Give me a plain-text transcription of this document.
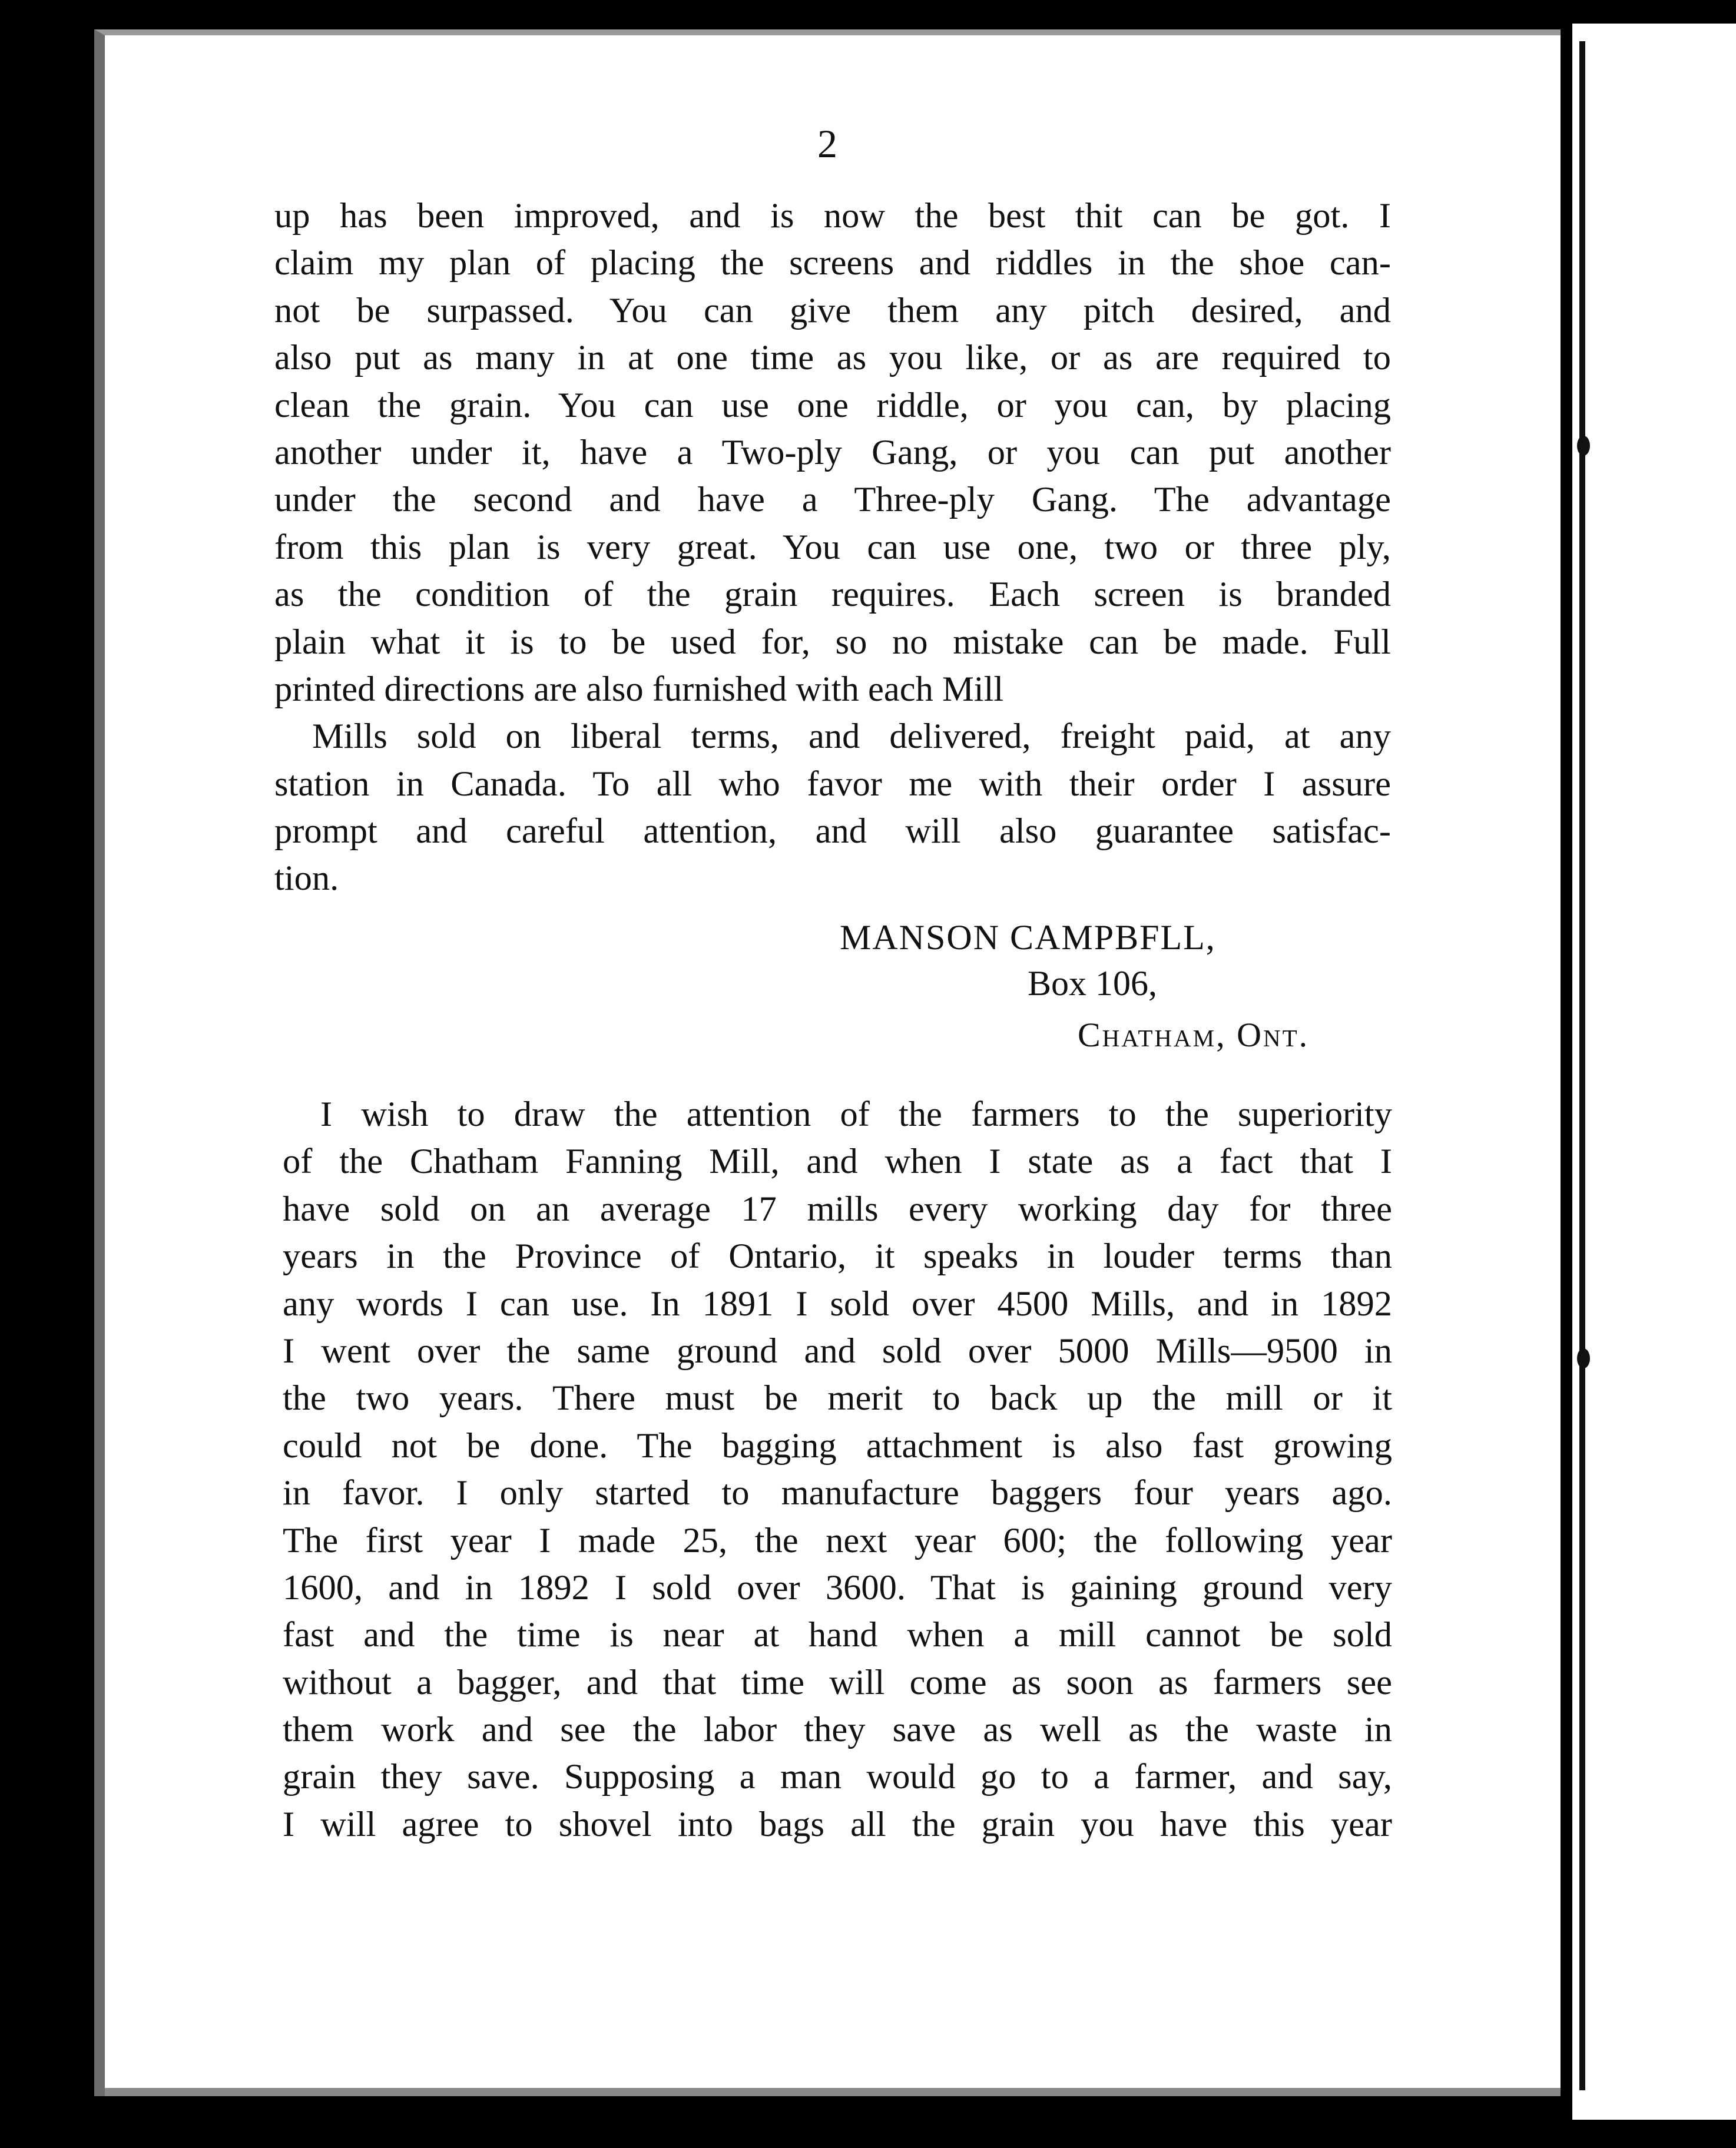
2
up has been improved, and is now the best thit can be got. I
claim my plan of placing the screens and riddles in the shoe can-
not be surpassed. You can give them any pitch desired, and
also put as many in at one time as you like, or as are required to
clean the grain. You can use one riddle, or you can, by placing
another under it, have a Two-ply Gang, or you can put another
under the second and have a Three-ply Gang. The advantage
from this plan is very great. You can use one, two or three ply,
as the condition of the grain requires. Each screen is branded
plain what it is to be used for, so no mistake can be made. Full
printed directions are also furnished with each Mill
Mills sold on liberal terms, and delivered, freight paid, at any
station in Canada. To all who favor me with their order I assure
prompt and careful attention, and will also guarantee satisfac-
tion.
MANSON CAMPBFLL,
Box 106,
Chatham, Ont.
I wish to draw the attention of the farmers to the superiority
of the Chatham Fanning Mill, and when I state as a fact that I
have sold on an average 17 mills every working day for three
years in the Province of Ontario, it speaks in louder terms than
any words I can use. In 1891 I sold over 4500 Mills, and in 1892
I went over the same ground and sold over 5000 Mills—9500 in
the two years. There must be merit to back up the mill or it
could not be done. The bagging attachment is also fast growing
in favor. I only started to manufacture baggers four years ago.
The first year I made 25, the next year 600; the following year
1600, and in 1892 I sold over 3600. That is gaining ground very
fast and the time is near at hand when a mill cannot be sold
without a bagger, and that time will come as soon as farmers see
them work and see the labor they save as well as the waste in
grain they save. Supposing a man would go to a farmer, and say,
I will agree to shovel into bags all the grain you have this year
